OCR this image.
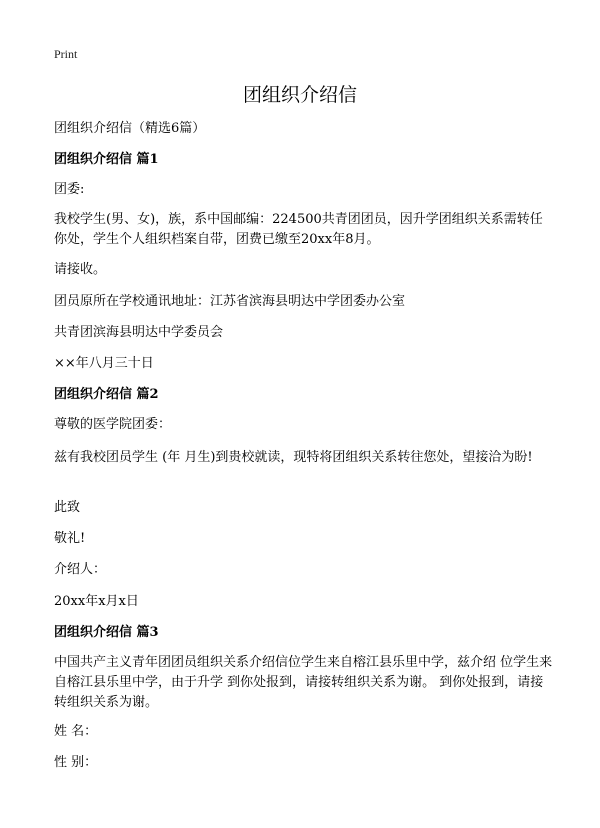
Print
团组织介绍信

团组织介绍信（精选6篇）

团组织介绍信 篇1

团委:

我校学生(男、女)，族，系中国邮编：224500共青团团员，因升学团组织关系需转任你处，学生个人组织档案自带，团费已缴至20xx年8月。

请接收。

团员原所在学校通讯地址：江苏省滨海县明达中学团委办公室

共青团滨海县明达中学委员会

××年八月三十日

团组织介绍信 篇2

尊敬的医学院团委：

兹有我校团员学生 (年 月生)到贵校就读，现特将团组织关系转往您处，望接洽为盼!

此致

敬礼!

介绍人：

20xx年x月x日

团组织介绍信 篇3

中国共产主义青年团团员组织关系介绍信位学生来自榕江县乐里中学，兹介绍 位学生来自榕江县乐里中学，由于升学 到你处报到，请接转组织关系为谢。 到你处报到，请接转组织关系为谢。

姓 名：

性 别：
